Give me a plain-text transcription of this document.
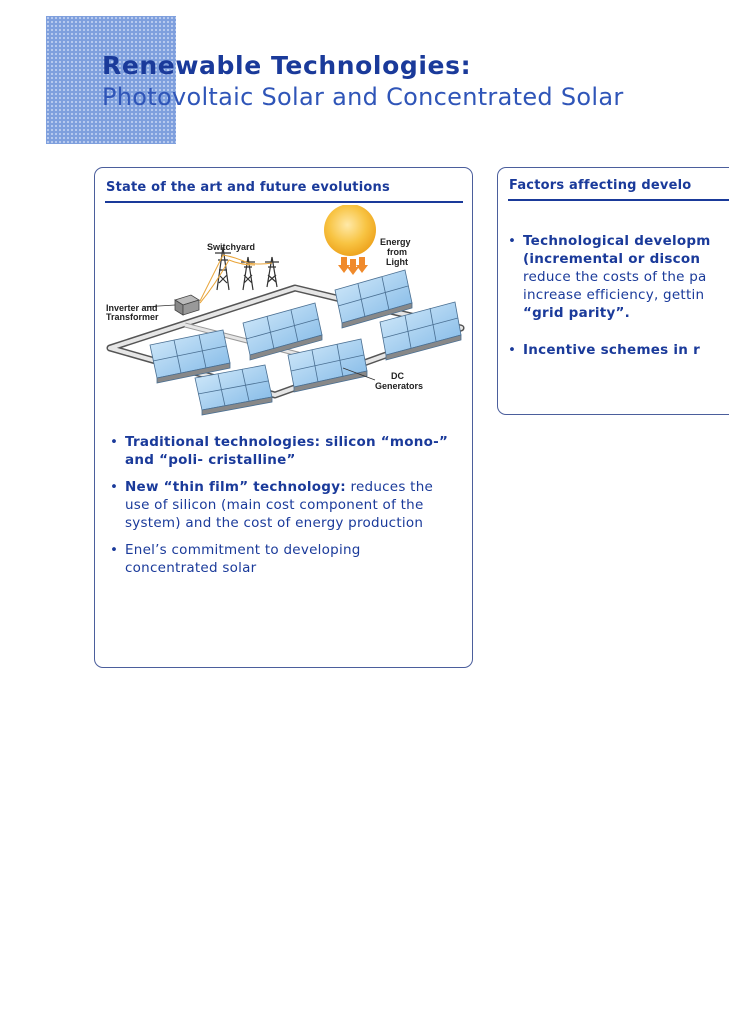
Renewable Technologies:
Photovoltaic Solar and Concentrated Solar
State of the art and future evolutions
Energy
from
Light
Switchyard
Inverter and
Transformer
DC
Generators
• Traditional technologies: silicon “mono-” and “poli- cristalline”
• New “thin film” technology: reduces the use of silicon (main cost component of the system) and the cost of energy production
• Enel’s commitment to developing concentrated solar
Factors affecting develo
• Technological developm
(incremental or discon
reduce the costs of the pa
increase efficiency, gettin
“grid parity”.
• Incentive schemes in r
